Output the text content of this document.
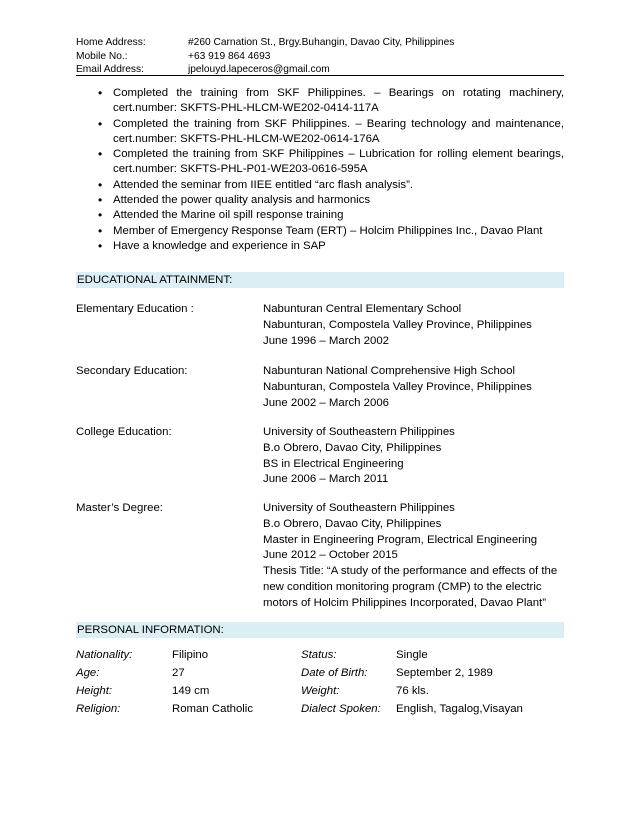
Home Address:	#260 Carnation St., Brgy.Buhangin, Davao City, Philippines
Mobile No.:	+63 919 864 4693
Email Address:	jpelouyd.lapeceros@gmail.com
• Completed the training from SKF Philippines. – Bearings on rotating machinery,
cert.number: SKFTS-PHL-HLCM-WE202-0414-117A
• Completed the training from SKF Philippines. – Bearing technology and maintenance,
cert.number: SKFTS-PHL-HLCM-WE202-0614-176A
• Completed the training from SKF Philippines – Lubrication for rolling element bearings,
cert.number: SKFTS-PHL-P01-WE203-0616-595A
• Attended the seminar from IIEE entitled “arc flash analysis”.
• Attended the power quality analysis and harmonics
• Attended the Marine oil spill response training
• Member of Emergency Response Team (ERT) – Holcim Philippines Inc., Davao Plant
• Have a knowledge and experience in SAP
EDUCATIONAL ATTAINMENT:
Elementary Education :	Nabunturan Central Elementary School
Nabunturan, Compostela Valley Province, Philippines
June 1996 – March 2002
Secondary Education:	Nabunturan National Comprehensive High School
Nabunturan, Compostela Valley Province, Philippines
June 2002 – March 2006
College Education:	University of Southeastern Philippines
B.o Obrero, Davao City, Philippines
BS in Electrical Engineering
June 2006 – March 2011
Master’s Degree:	University of Southeastern Philippines
B.o Obrero, Davao City, Philippines
Master in Engineering Program, Electrical Engineering
June 2012 – October 2015
Thesis Title: “A study of the performance and effects of the
new condition monitoring program (CMP) to the electric
motors of Holcim Philippines Incorporated, Davao Plant”
PERSONAL INFORMATION:
Nationality:	Filipino	Status:	Single
Age:	27	Date of Birth:	September 2, 1989
Height:	149 cm	Weight:	76 kls.
Religion:	Roman Catholic	Dialect Spoken: English, Tagalog,Visayan
